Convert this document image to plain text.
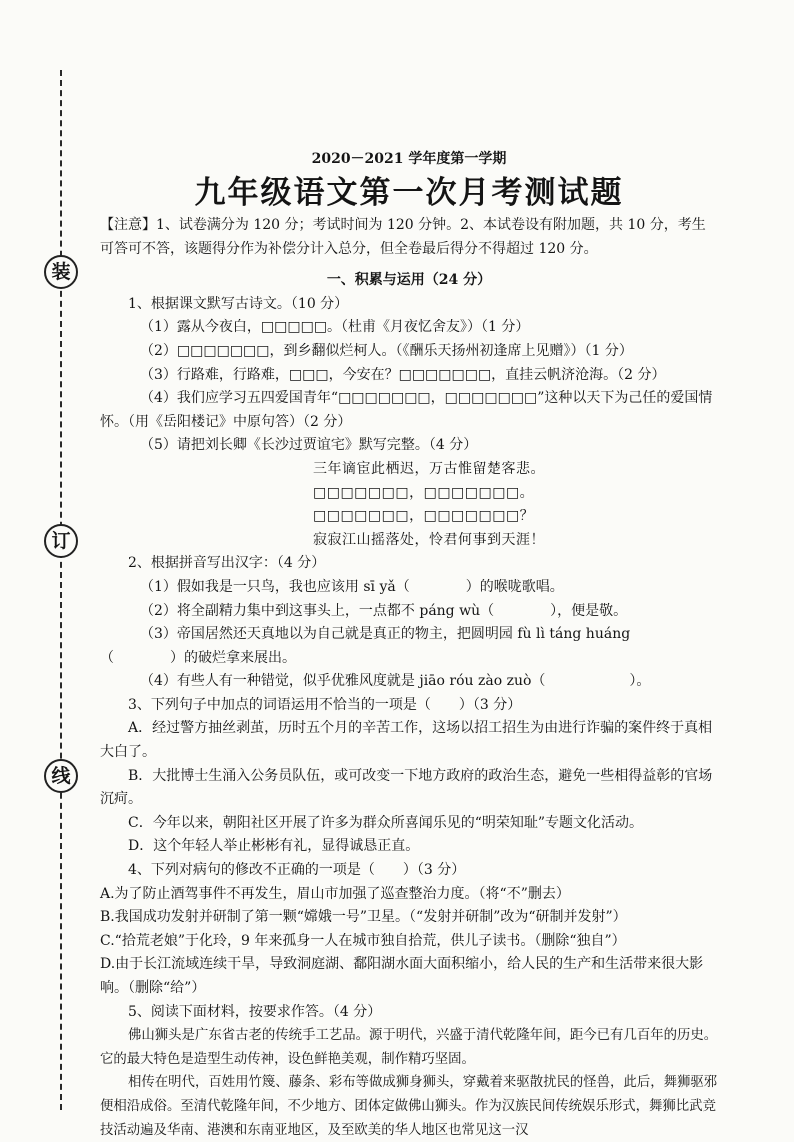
装
订
线
2020－2021 学年度第一学期
九年级语文第一次月考测试题

【注意】1、试卷满分为 120 分；考试时间为 120 分钟。2、本试卷设有附加题，共 10 分，考生可答可不答，该题得分作为补偿分计入总分，但全卷最后得分不得超过 120 分。

一、积累与运用（24 分）

1、根据课文默写古诗文。（10 分）

（1）露从今夜白，□□□□□。（杜甫《月夜忆舍友》）（1 分）

（2）□□□□□□□，到乡翻似烂柯人。（《酬乐天扬州初逢席上见赠》）（1 分）

（3）行路难，行路难，□□□，今安在？□□□□□□□，直挂云帆济沧海。（2 分）

（4）我们应学习五四爱国青年“□□□□□□□，□□□□□□□”这种以天下为己任的爱国情怀。（用《岳阳楼记》中原句答）（2 分）

（5）请把刘长卿《长沙过贾谊宅》默写完整。（4 分）

三年谪宦此栖迟，万古惟留楚客悲。

□□□□□□□，□□□□□□□。

□□□□□□□，□□□□□□□？

寂寂江山摇落处，怜君何事到天涯！

2、根据拼音写出汉字：（4 分）

（1）假如我是一只鸟，我也应该用 sī yǎ（　　　　）的喉咙歌唱。

（2）将全副精力集中到这事头上，一点都不 páng wù（　　　　），便是敬。

（3）帝国居然还天真地以为自己就是真正的物主，把圆明园 fù lì táng huáng

（　　　　）的破烂拿来展出。

（4）有些人有一种错觉，似乎优雅风度就是 jiāo róu zào zuò（　　　　　　）。

3、下列句子中加点的词语运用不恰当的一项是（　　）（3 分）

A．经过警方抽丝剥茧，历时五个月的辛苦工作，这场以招工招生为由进行诈骗的案件终于真相大白了。

B．大批博士生涌入公务员队伍，或可改变一下地方政府的政治生态，避免一些相得益彰的官场沉疴。

C．今年以来，朝阳社区开展了许多为群众所喜闻乐见的“明荣知耻”专题文化活动。

D．这个年轻人举止彬彬有礼，显得诚恳正直。

4、下列对病句的修改不正确的一项是（　　）（3 分）

A.为了防止酒驾事件不再发生，眉山市加强了巡查整治力度。（将“不”删去）

B.我国成功发射并研制了第一颗“嫦娥一号”卫星。（“发射并研制”改为“研制并发射”）

C.“拾荒老娘”于化玲，9 年来孤身一人在城市独自拾荒，供儿子读书。（删除“独自”）

D.由于长江流域连续干旱，导致洞庭湖、鄱阳湖水面大面积缩小，给人民的生产和生活带来很大影响。（删除“给”）

5、阅读下面材料，按要求作答。（4 分）

佛山狮头是广东省古老的传统手工艺品。源于明代，兴盛于清代乾隆年间，距今已有几百年的历史。它的最大特色是造型生动传神，设色鲜艳美观，制作精巧坚固。

相传在明代，百姓用竹篾、藤条、彩布等做成狮身狮头，穿戴着来驱散扰民的怪兽，此后，舞狮驱邪便相沿成俗。至清代乾隆年间，不少地方、团体定做佛山狮头。作为汉族民间传统娱乐形式，舞狮比武竞技活动遍及华南、港澳和东南亚地区，及至欧美的华人地区也常见这一汉
